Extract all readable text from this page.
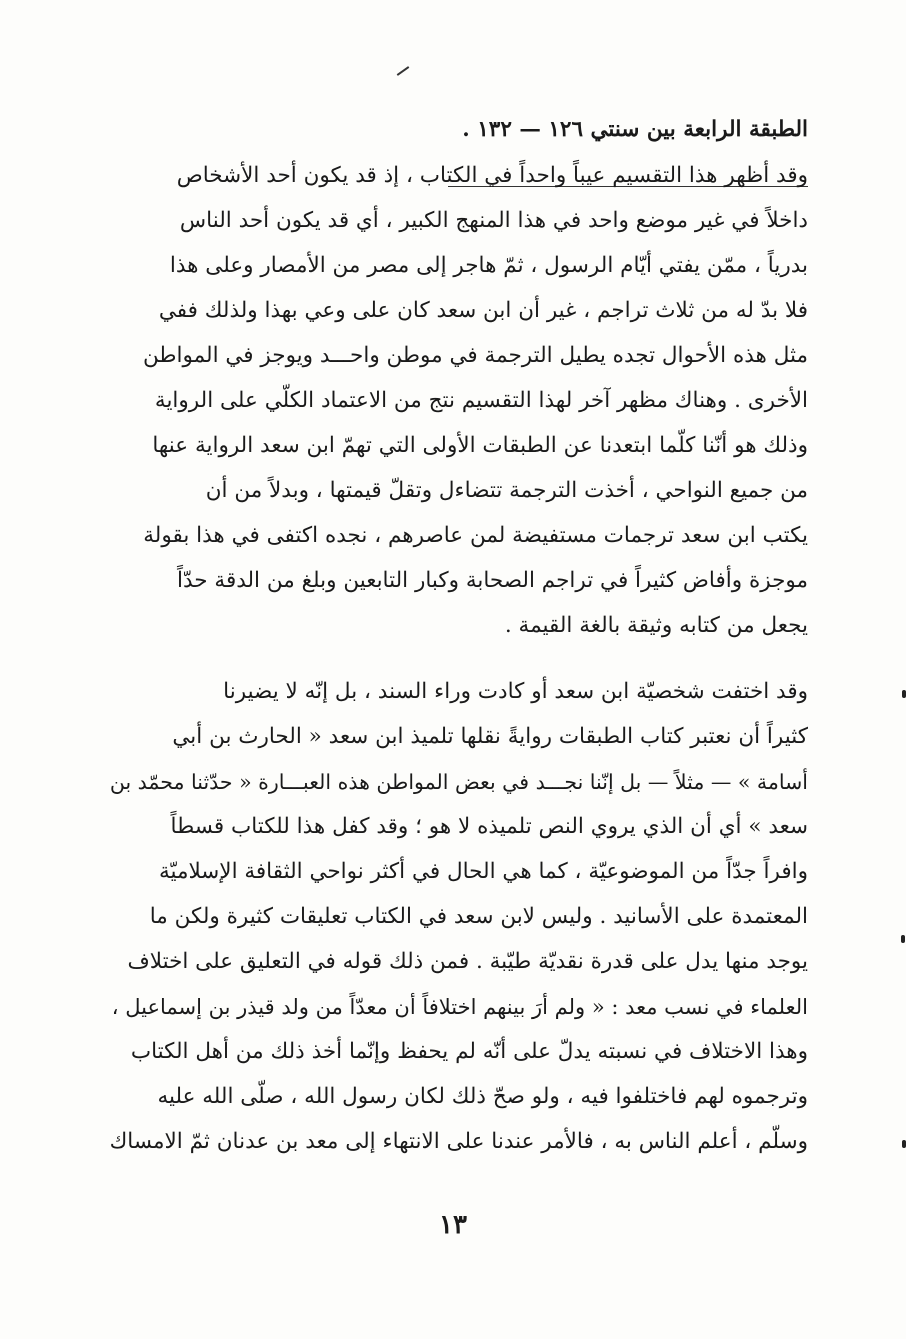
الطبقة الرابعة بين سنتي ١٢٦ — ١٣٢ .
وقد أظهر هذا التقسيم عيباً واحداً في الكتاب ، إذ قد يكون أحد الأشخاص
داخلاً في غير موضع واحد في هذا المنهج الكبير ، أي قد يكون أحد الناس
بدرياً ، ممّن يفتي أيّام الرسول ، ثمّ هاجر إلى مصر من الأمصار وعلى هذا
فلا بدّ له من ثلاث تراجم ، غير أن ابن سعد كان على وعي بهذا ولذلك ففي
مثل هذه الأحوال تجده يطيل الترجمة في موطن واحـــد ويوجز في المواطن
الأخرى . وهناك مظهر آخر لهذا التقسيم نتج من الاعتماد الكلّي على الرواية
وذلك هو أنّنا كلّما ابتعدنا عن الطبقات الأولى التي تهمّ ابن سعد الرواية عنها
من جميع النواحي ، أخذت الترجمة تتضاءل وتقلّ قيمتها ، وبدلاً من أن
يكتب ابن سعد ترجمات مستفيضة لمن عاصرهم ، نجده اكتفى في هذا بقولة
موجزة وأفاض كثيراً في تراجم الصحابة وكبار التابعين وبلغ من الدقة حدّاً
يجعل من كتابه وثيقة بالغة القيمة .
وقد اختفت شخصيّة ابن سعد أو كادت وراء السند ، بل إنّه لا يضيرنا
كثيراً أن نعتبر كتاب الطبقات روايةً نقلها تلميذ ابن سعد « الحارث بن أبي
أسامة » — مثلاً — بل إنّنا نجـــد في بعض المواطن هذه العبـــارة « حدّثنا محمّد بن
سعد » أي أن الذي يروي النص تلميذه لا هو ؛ وقد كفل هذا للكتاب قسطاً
وافراً جدّاً من الموضوعيّة ، كما هي الحال في أكثر نواحي الثقافة الإسلاميّة
المعتمدة على الأسانيد . وليس لابن سعد في الكتاب تعليقات كثيرة ولكن ما
يوجد منها يدل على قدرة نقديّة طيّبة . فمن ذلك قوله في التعليق على اختلاف
العلماء في نسب معد : « ولم أرَ بينهم اختلافاً أن معدّاً من ولد قيذر بن إسماعيل ،
وهذا الاختلاف في نسبته يدلّ على أنّه لم يحفظ وإنّما أخذ ذلك من أهل الكتاب
وترجموه لهم فاختلفوا فيه ، ولو صحّ ذلك لكان رسول الله ، صلّى الله عليه
وسلّم ، أعلم الناس به ، فالأمر عندنا على الانتهاء إلى معد بن عدنان ثمّ الامساك
١٣
